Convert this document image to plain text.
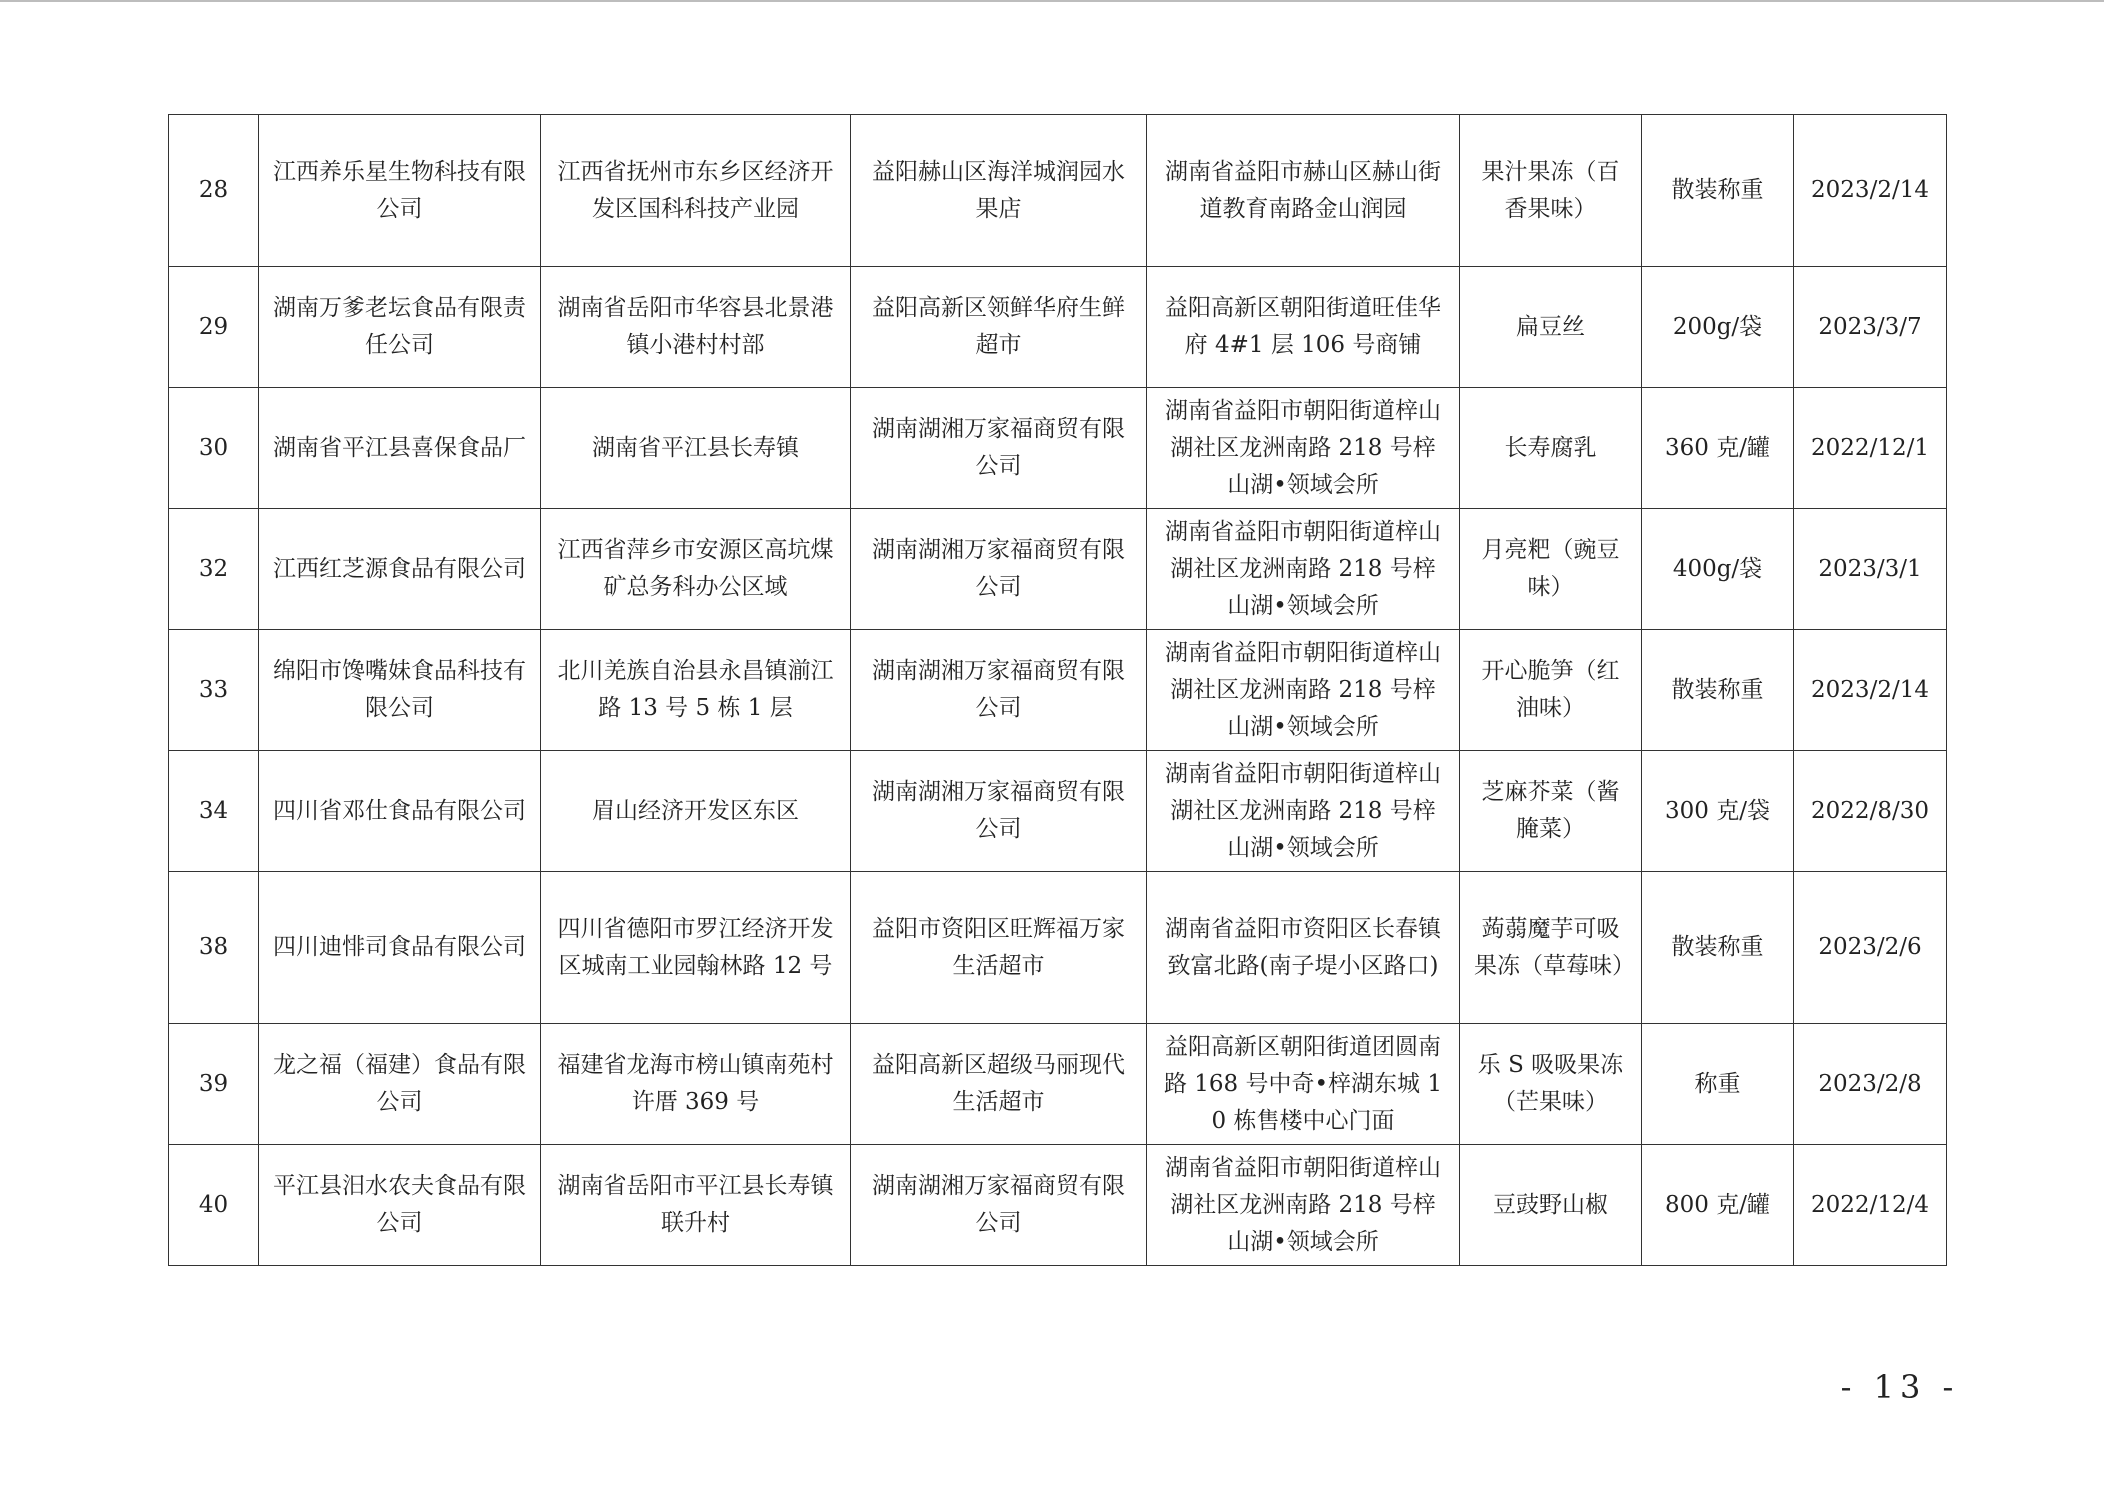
28	江西养乐星生物科技有限公司	江西省抚州市东乡区经济开发区国科科技产业园	益阳赫山区海洋城润园水果店	湖南省益阳市赫山区赫山街道教育南路金山润园	果汁果冻（百香果味）	散装称重	2023/2/14
29	湖南万爹老坛食品有限责任公司	湖南省岳阳市华容县北景港镇小港村村部	益阳高新区领鲜华府生鲜超市	益阳高新区朝阳街道旺佳华府 4#1 层 106 号商铺	扁豆丝	200g/袋	2023/3/7
30	湖南省平江县喜保食品厂	湖南省平江县长寿镇	湖南湖湘万家福商贸有限公司	湖南省益阳市朝阳街道梓山湖社区龙洲南路 218 号梓山湖•领域会所	长寿腐乳	360 克/罐	2022/12/1
32	江西红芝源食品有限公司	江西省萍乡市安源区高坑煤矿总务科办公区域	湖南湖湘万家福商贸有限公司	湖南省益阳市朝阳街道梓山湖社区龙洲南路 218 号梓山湖•领域会所	月亮粑（豌豆味）	400g/袋	2023/3/1
33	绵阳市馋嘴妹食品科技有限公司	北川羌族自治县永昌镇湔江路 13 号 5 栋 1 层	湖南湖湘万家福商贸有限公司	湖南省益阳市朝阳街道梓山湖社区龙洲南路 218 号梓山湖•领域会所	开心脆笋（红油味）	散装称重	2023/2/14
34	四川省邓仕食品有限公司	眉山经济开发区东区	湖南湖湘万家福商贸有限公司	湖南省益阳市朝阳街道梓山湖社区龙洲南路 218 号梓山湖•领域会所	芝麻芥菜（酱腌菜）	300 克/袋	2022/8/30
38	四川迪悱司食品有限公司	四川省德阳市罗江经济开发区城南工业园翰林路 12 号	益阳市资阳区旺辉福万家生活超市	湖南省益阳市资阳区长春镇致富北路(南子堤小区路口)	蒟蒻魔芋可吸果冻（草莓味）	散装称重	2023/2/6
39	龙之福（福建）食品有限公司	福建省龙海市榜山镇南苑村许厝 369 号	益阳高新区超级马丽现代生活超市	益阳高新区朝阳街道团圆南路 168 号中奇•梓湖东城 10 栋售楼中心门面	乐 S 吸吸果冻（芒果味）	称重	2023/2/8
40	平江县汨水农夫食品有限公司	湖南省岳阳市平江县长寿镇联升村	湖南湖湘万家福商贸有限公司	湖南省益阳市朝阳街道梓山湖社区龙洲南路 218 号梓山湖•领域会所	豆豉野山椒	800 克/罐	2022/12/4
- 13 -
